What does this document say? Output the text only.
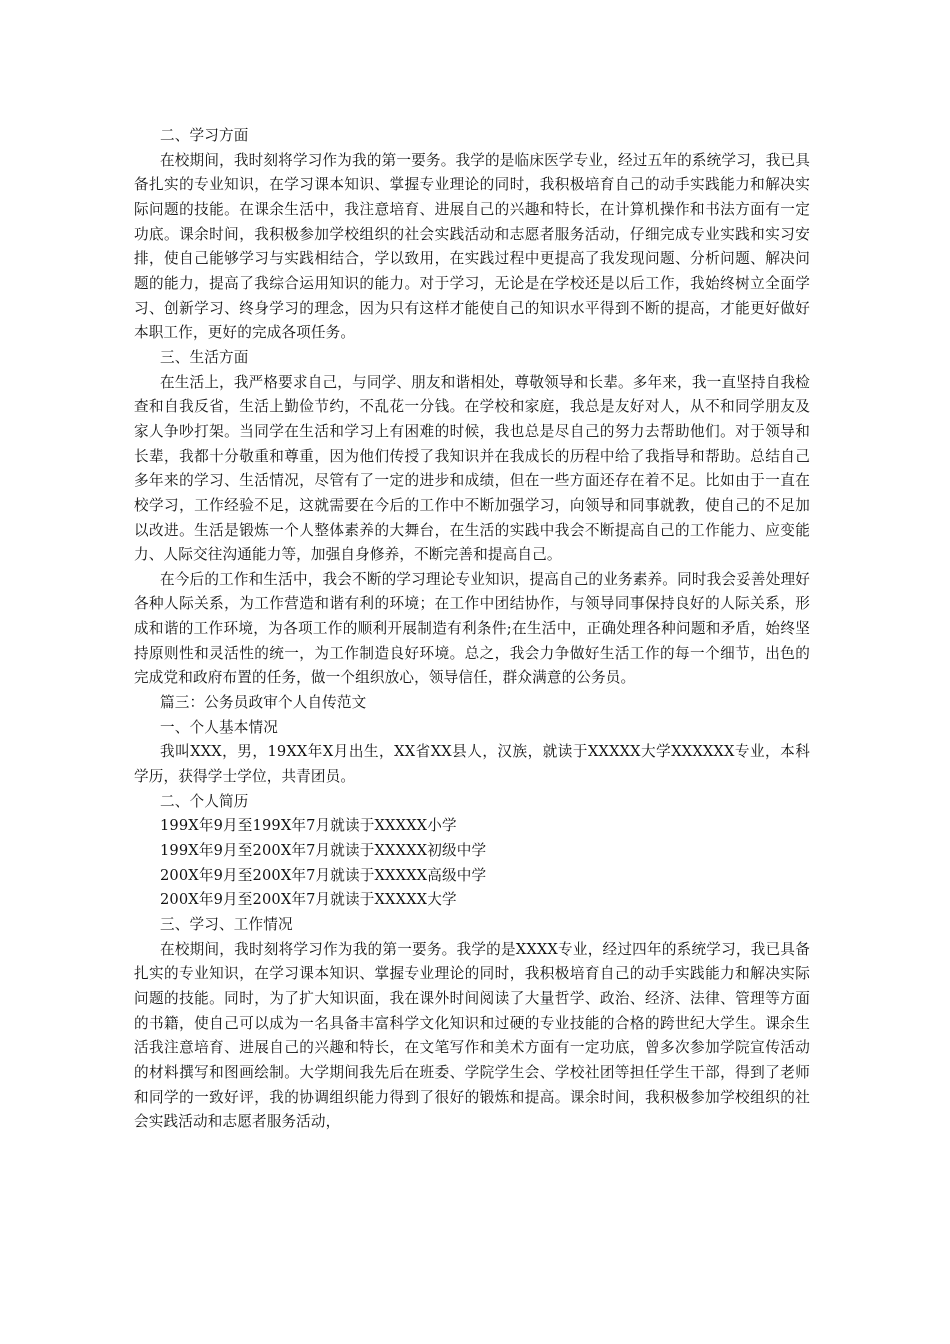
二、学习方面

在校期间，我时刻将学习作为我的第一要务。我学的是临床医学专业，经过五年的系统学习，我已具备扎实的专业知识，在学习课本知识、掌握专业理论的同时，我积极培育自己的动手实践能力和解决实际问题的技能。在课余生活中，我注意培育、进展自己的兴趣和特长，在计算机操作和书法方面有一定功底。课余时间，我积极参加学校组织的社会实践活动和志愿者服务活动，仔细完成专业实践和实习安排，使自己能够学习与实践相结合，学以致用，在实践过程中更提高了我发现问题、分析问题、解决问题的能力，提高了我综合运用知识的能力。对于学习，无论是在学校还是以后工作，我始终树立全面学习、创新学习、终身学习的理念，因为只有这样才能使自己的知识水平得到不断的提高，才能更好做好本职工作，更好的完成各项任务。

三、生活方面

在生活上，我严格要求自己，与同学、朋友和谐相处，尊敬领导和长辈。多年来，我一直坚持自我检查和自我反省，生活上勤俭节约，不乱花一分钱。在学校和家庭，我总是友好对人，从不和同学朋友及家人争吵打架。当同学在生活和学习上有困难的时候，我也总是尽自己的努力去帮助他们。对于领导和长辈，我都十分敬重和尊重，因为他们传授了我知识并在我成长的历程中给了我指导和帮助。总结自己多年来的学习、生活情况，尽管有了一定的进步和成绩，但在一些方面还存在着不足。比如由于一直在校学习，工作经验不足，这就需要在今后的工作中不断加强学习，向领导和同事就教，使自己的不足加以改进。生活是锻炼一个人整体素养的大舞台，在生活的实践中我会不断提高自己的工作能力、应变能力、人际交往沟通能力等，加强自身修养，不断完善和提高自己。

在今后的工作和生活中，我会不断的学习理论专业知识，提高自己的业务素养。同时我会妥善处理好各种人际关系，为工作营造和谐有利的环境；在工作中团结协作，与领导同事保持良好的人际关系，形成和谐的工作环境，为各项工作的顺利开展制造有利条件;在生活中，正确处理各种问题和矛盾，始终坚持原则性和灵活性的统一，为工作制造良好环境。总之，我会力争做好生活工作的每一个细节，出色的完成党和政府布置的任务，做一个组织放心，领导信任，群众满意的公务员。

篇三：公务员政审个人自传范文

一、个人基本情况

我叫XXX，男，19XX年X月出生，XX省XX县人，汉族，就读于XXXXX大学XXXXXX专业，本科学历，获得学士学位，共青团员。

二、个人简历

199X年9月至199X年7月就读于XXXXX小学

199X年9月至200X年7月就读于XXXXX初级中学

200X年9月至200X年7月就读于XXXXX高级中学

200X年9月至200X年7月就读于XXXXX大学

三、学习、工作情况

在校期间，我时刻将学习作为我的第一要务。我学的是XXXX专业，经过四年的系统学习，我已具备扎实的专业知识，在学习课本知识、掌握专业理论的同时，我积极培育自己的动手实践能力和解决实际问题的技能。同时，为了扩大知识面，我在课外时间阅读了大量哲学、政治、经济、法律、管理等方面的书籍，使自己可以成为一名具备丰富科学文化知识和过硬的专业技能的合格的跨世纪大学生。课余生活我注意培育、进展自己的兴趣和特长，在文笔写作和美术方面有一定功底，曾多次参加学院宣传活动的材料撰写和图画绘制。大学期间我先后在班委、学院学生会、学校社团等担任学生干部，得到了老师和同学的一致好评，我的协调组织能力得到了很好的锻炼和提高。课余时间，我积极参加学校组织的社会实践活动和志愿者服务活动，
